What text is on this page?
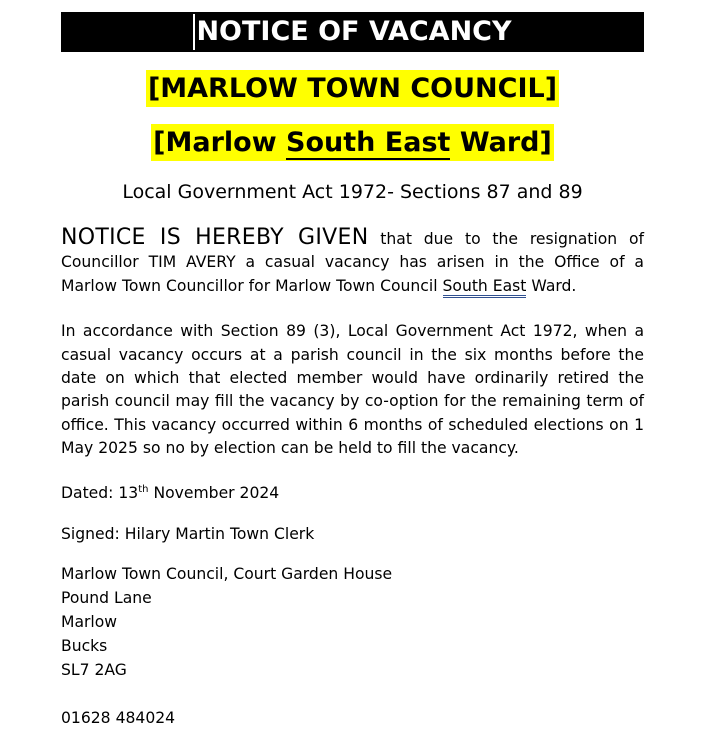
NOTICE OF VACANCY
[MARLOW TOWN COUNCIL]
[Marlow South East Ward]
Local Government Act 1972- Sections 87 and 89
NOTICE IS HEREBY GIVEN that due to the resignation of Councillor TIM AVERY a casual vacancy has arisen in the Office of a Marlow Town Councillor for Marlow Town Council South East Ward.
In accordance with Section 89 (3), Local Government Act 1972, when a casual vacancy occurs at a parish council in the six months before the date on which that elected member would have ordinarily retired the parish council may fill the vacancy by co-option for the remaining term of office. This vacancy occurred within 6 months of scheduled elections on 1 May 2025 so no by election can be held to fill the vacancy.
Dated: 13th November 2024
Signed: Hilary Martin Town Clerk
Marlow Town Council, Court Garden House
Pound Lane
Marlow
Bucks
SL7 2AG
01628 484024
